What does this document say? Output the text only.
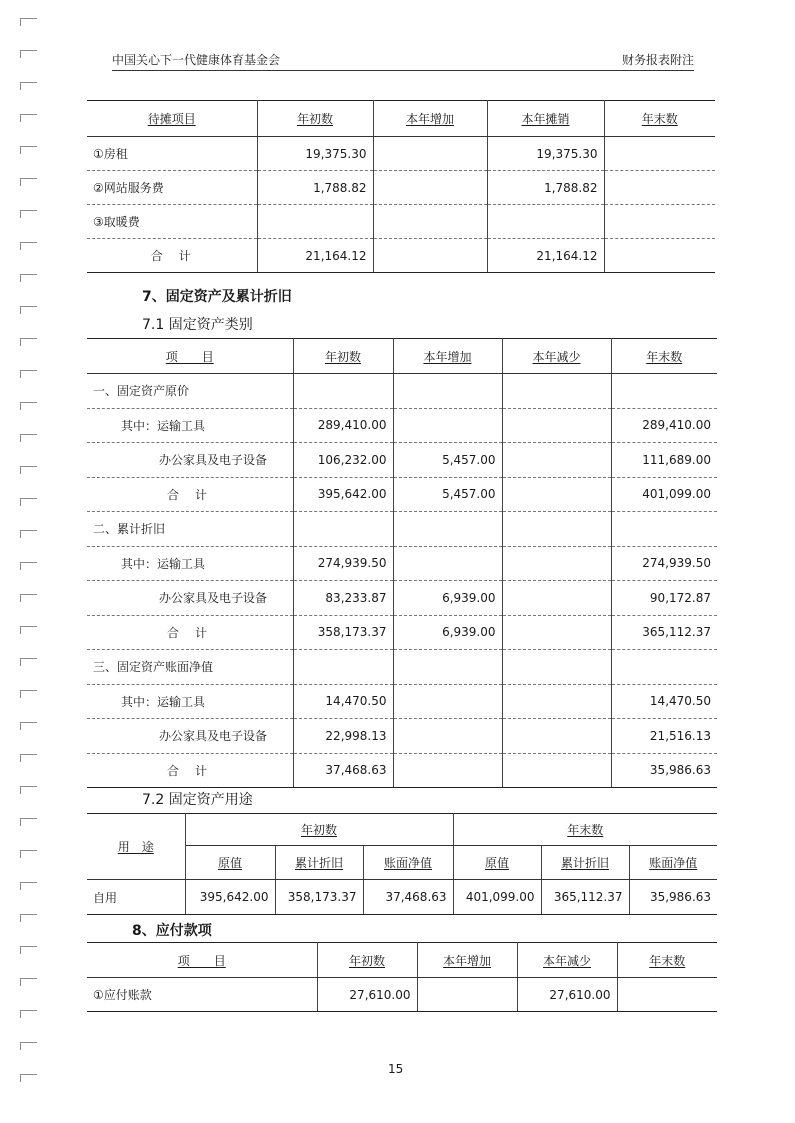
中国关心下一代健康体育基金会	财务报表附注
待摊项目	年初数	本年增加	本年摊销	年末数
①房租	19,375.30		19,375.30	
②网站服务费	1,788.82		1,788.82	
③取暖费				
合　计	21,164.12		21,164.12	
7、固定资产及累计折旧
7.1 固定资产类别
项　　目	年初数	本年增加	本年减少	年末数
一、固定资产原价				
其中：运输工具	289,410.00			289,410.00
办公家具及电子设备	106,232.00	5,457.00		111,689.00
合　计	395,642.00	5,457.00		401,099.00
二、累计折旧				
其中：运输工具	274,939.50			274,939.50
办公家具及电子设备	83,233.87	6,939.00		90,172.87
合　计	358,173.37	6,939.00		365,112.37
三、固定资产账面净值				
其中：运输工具	14,470.50			14,470.50
办公家具及电子设备	22,998.13			21,516.13
合　计	37,468.63			35,986.63
7.2 固定资产用途
用　途	年初数			年末数		
	原值	累计折旧	账面净值	原值	累计折旧	账面净值
自用	395,642.00	358,173.37	37,468.63	401,099.00	365,112.37	35,986.63
8、应付款项
项　　目	年初数	本年增加	本年减少	年末数
①应付账款	27,610.00		27,610.00	
15
